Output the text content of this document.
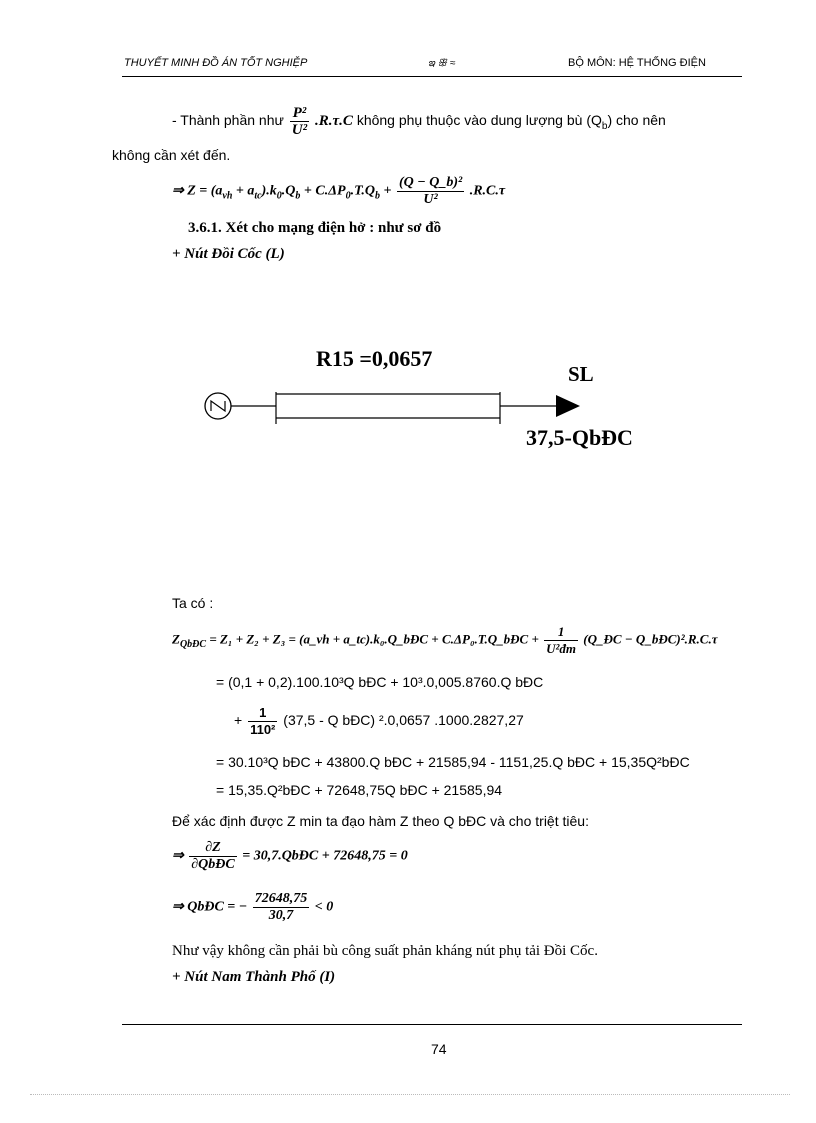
THUYẾT MINH ĐỒ ÁN TỐT NGHIỆP	ఇ ꕥ ≈	BỘ MÔN: HỆ THỐNG ĐIỆN
- Thành phần như $\frac{\text{P²}}{\text{U²}} .R.\tau.C$ không phụ thuộc vào dung lượng bù $(Q_b)$ cho nên
không cần xét đến.
⇒ $Z = (a_{vh} + a_{tc}).k_0.Q_b + C.\Delta P_0.T.Q_b + \frac{\text{(Q − Q\_b)²}}{\text{U²}} .R.C.\tau$
3.6.1. Xét cho mạng điện hở : như sơ đồ
+ Nút Đồi Cốc (L)
R15 =0,0657
SL
37,5-QbĐC
Ta có :
$Z_{QbĐC} = Z_1 + Z_2 + Z_3$ = (a_vh + a_tc).k₀.Q_bĐC + C.ΔP₀.T.Q_bĐC + $\frac{1}{\text{U²đm}}$ (Q_ĐC − Q_bĐC)².R.C.τ
= (0,1 + 0,2).100.10³Q bĐC + 10³.0,005.8760.Q bĐC
+ $\frac{1}{\text{110²}} (37,5$ - Q bĐC) ².0,0657 .1000.2827,27
= 30.10³Q bĐC + 43800.Q bĐC + 21585,94 - 1151,25.Q bĐC + 15,35Q²bĐC
= 15,35.Q²bĐC + 72648,75Q bĐC + 21585,94
Để xác định được Z min ta đạo hàm Z theo Q bĐC và cho triệt tiêu:
⇒ $\frac{\partial Z}{\text{∂QbĐC}}$ = 30,7.QbĐC + 72648,75 = 0
⇒ QbĐC = − $\frac{72648,75}{30,7} < 0$
Như vậy không cần phải bù công suất phản kháng nút phụ tải Đồi Cốc.
+ Nút Nam Thành Phố (I)
74
